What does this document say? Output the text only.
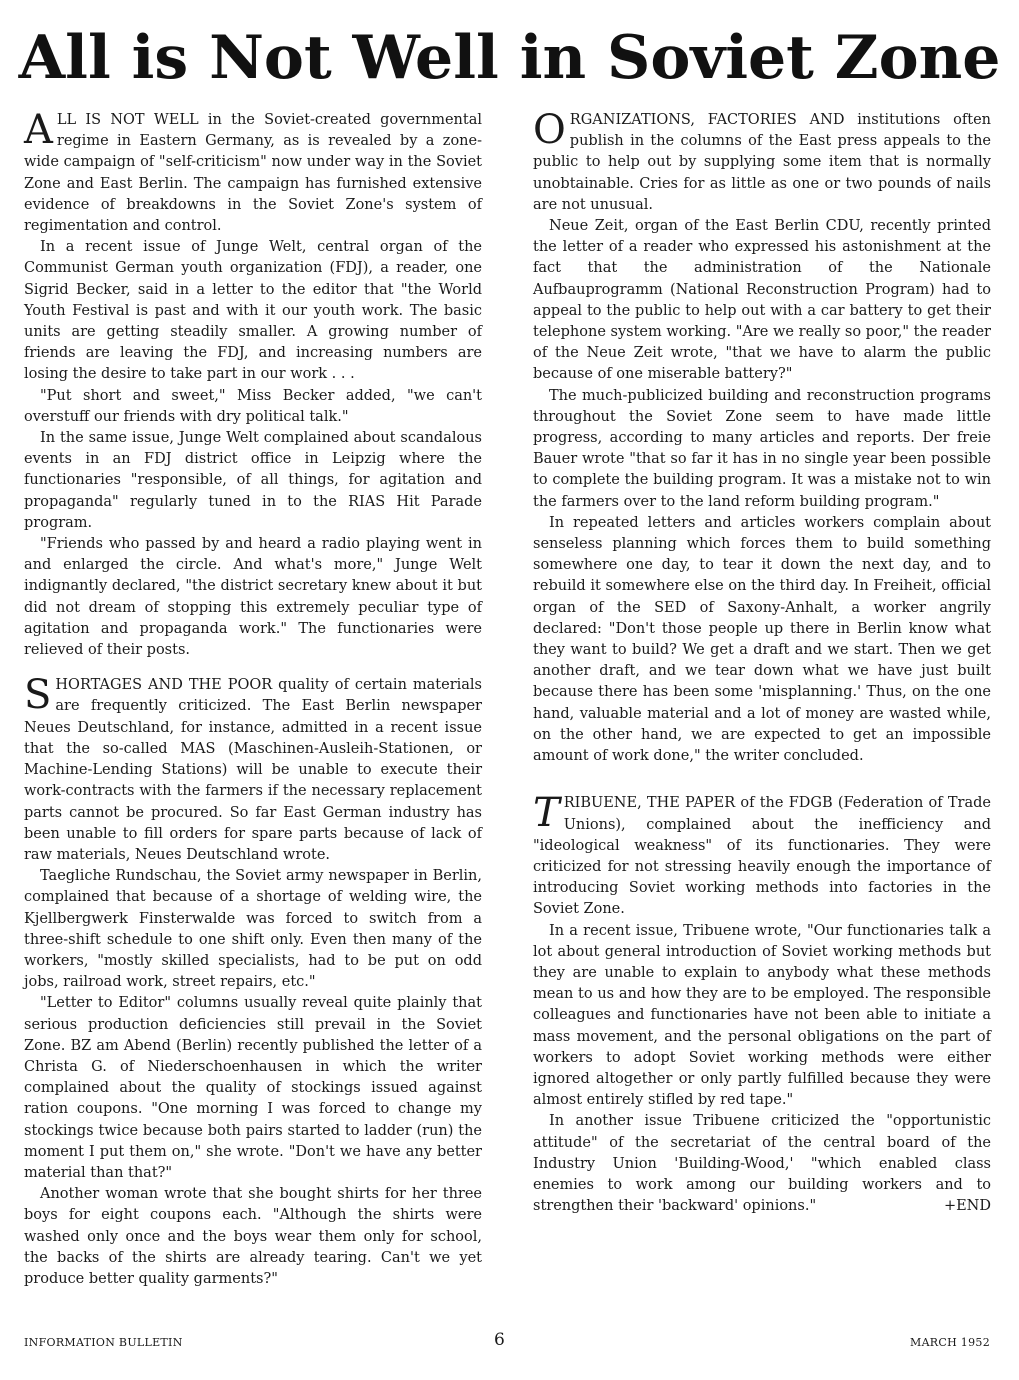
All is Not Well in Soviet Zone

ALL IS NOT WELL in the Soviet-created governmental regime in Eastern Germany, as is revealed by a zone-wide campaign of "self-criticism" now under way in the Soviet Zone and East Berlin. The campaign has furnished extensive evidence of breakdowns in the Soviet Zone's system of regimentation and control.

In a recent issue of Junge Welt, central organ of the Communist German youth organization (FDJ), a reader, one Sigrid Becker, said in a letter to the editor that "the World Youth Festival is past and with it our youth work. The basic units are getting steadily smaller. A growing number of friends are leaving the FDJ, and increasing numbers are losing the desire to take part in our work . . .

"Put short and sweet," Miss Becker added, "we can't overstuff our friends with dry political talk."

In the same issue, Junge Welt complained about scandalous events in an FDJ district office in Leipzig where the functionaries "responsible, of all things, for agitation and propaganda" regularly tuned in to the RIAS Hit Parade program.

"Friends who passed by and heard a radio playing went in and enlarged the circle. And what's more," Junge Welt indignantly declared, "the district secretary knew about it but did not dream of stopping this extremely peculiar type of agitation and propaganda work." The functionaries were relieved of their posts.

SHORTAGES AND THE POOR quality of certain materials are frequently criticized. The East Berlin newspaper Neues Deutschland, for instance, admitted in a recent issue that the so-called MAS (Maschinen-Ausleih-Stationen, or Machine-Lending Stations) will be unable to execute their work-contracts with the farmers if the necessary replacement parts cannot be procured. So far East German industry has been unable to fill orders for spare parts because of lack of raw materials, Neues Deutschland wrote.

Taegliche Rundschau, the Soviet army newspaper in Berlin, complained that because of a shortage of welding wire, the Kjellbergwerk Finsterwalde was forced to switch from a three-shift schedule to one shift only. Even then many of the workers, "mostly skilled specialists, had to be put on odd jobs, railroad work, street repairs, etc."

"Letter to Editor" columns usually reveal quite plainly that serious production deficiencies still prevail in the Soviet Zone. BZ am Abend (Berlin) recently published the letter of a Christa G. of Niederschoenhausen in which the writer complained about the quality of stockings issued against ration coupons. "One morning I was forced to change my stockings twice because both pairs started to ladder (run) the moment I put them on," she wrote. "Don't we have any better material than that?"

Another woman wrote that she bought shirts for her three boys for eight coupons each. "Although the shirts were washed only once and the boys wear them only for school, the backs of the shirts are already tearing. Can't we yet produce better quality garments?"

ORGANIZATIONS, FACTORIES AND institutions often publish in the columns of the East press appeals to the public to help out by supplying some item that is normally unobtainable. Cries for as little as one or two pounds of nails are not unusual.

Neue Zeit, organ of the East Berlin CDU, recently printed the letter of a reader who expressed his astonishment at the fact that the administration of the Nationale Aufbauprogramm (National Reconstruction Program) had to appeal to the public to help out with a car battery to get their telephone system working. "Are we really so poor," the reader of the Neue Zeit wrote, "that we have to alarm the public because of one miserable battery?"

The much-publicized building and reconstruction programs throughout the Soviet Zone seem to have made little progress, according to many articles and reports. Der freie Bauer wrote "that so far it has in no single year been possible to complete the building program. It was a mistake not to win the farmers over to the land reform building program."

In repeated letters and articles workers complain about senseless planning which forces them to build something somewhere one day, to tear it down the next day, and to rebuild it somewhere else on the third day. In Freiheit, official organ of the SED of Saxony-Anhalt, a worker angrily declared: "Don't those people up there in Berlin know what they want to build? We get a draft and we start. Then we get another draft, and we tear down what we have just built because there has been some 'misplanning.' Thus, on the one hand, valuable material and a lot of money are wasted while, on the other hand, we are expected to get an impossible amount of work done," the writer concluded.

TRIBUENE, THE PAPER of the FDGB (Federation of Trade Unions), complained about the inefficiency and "ideological weakness" of its functionaries. They were criticized for not stressing heavily enough the importance of introducing Soviet working methods into factories in the Soviet Zone.

In a recent issue, Tribuene wrote, "Our functionaries talk a lot about general introduction of Soviet working methods but they are unable to explain to anybody what these methods mean to us and how they are to be employed. The responsible colleagues and functionaries have not been able to initiate a mass movement, and the personal obligations on the part of workers to adopt Soviet working methods were either ignored altogether or only partly fulfilled because they were almost entirely stifled by red tape."

In another issue Tribuene criticized the "opportunistic attitude" of the secretariat of the central board of the Industry Union 'Building-Wood,' "which enabled class enemies to work among our building workers and to strengthen their 'backward' opinions."	+END

INFORMATION BULLETIN	6	MARCH 1952
